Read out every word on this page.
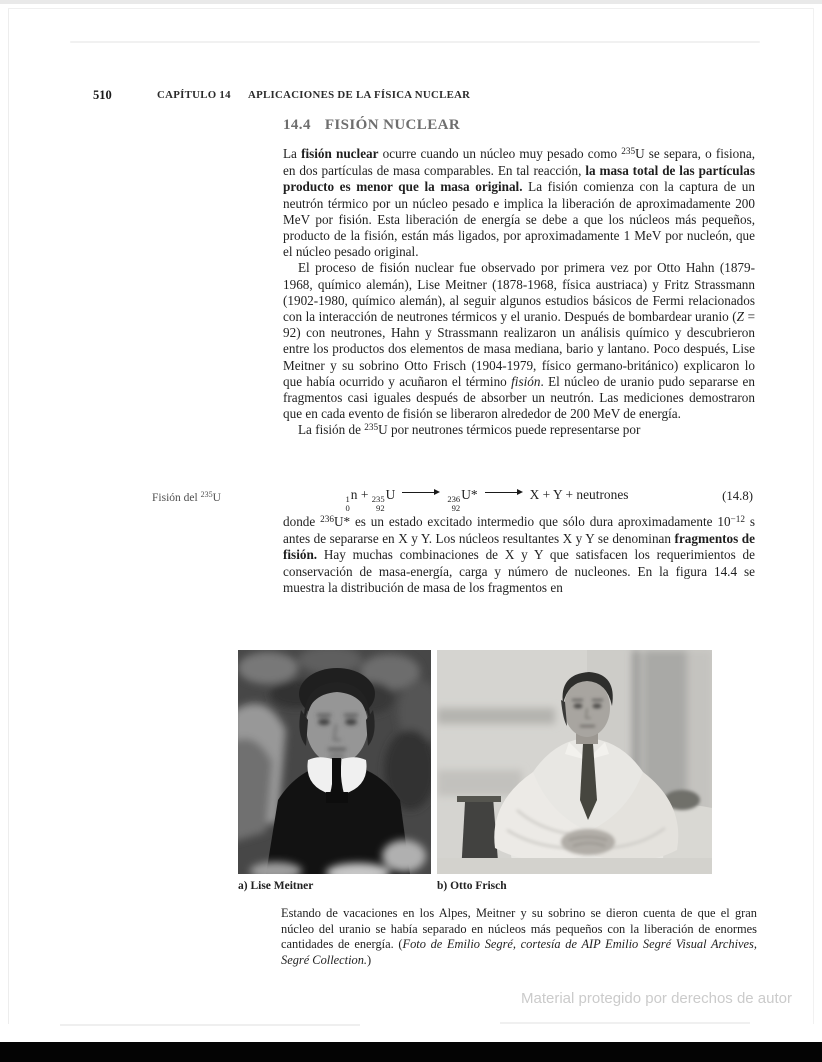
510	CAPÍTULO 14 APLICACIONES DE LA FÍSICA NUCLEAR
14.4 FISIÓN NUCLEAR

La fisión nuclear ocurre cuando un núcleo muy pesado como $^{235}$U se separa, o fisiona, en dos partículas de masa comparables. En tal reacción, la masa total de las partículas producto es menor que la masa original. La fisión comienza con la captura de un neutrón térmico por un núcleo pesado e implica la liberación de aproximadamente 200 MeV por fisión. Esta liberación de energía se debe a que los núcleos más pequeños, producto de la fisión, están más ligados, por aproximadamente 1 MeV por nucleón, que el núcleo pesado original.

El proceso de fisión nuclear fue observado por primera vez por Otto Hahn (1879-1968, químico alemán), Lise Meitner (1878-1968, física austriaca) y Fritz Strassmann (1902-1980, químico alemán), al seguir algunos estudios básicos de Fermi relacionados con la interacción de neutrones térmicos y el uranio. Después de bombardear uranio (Z = 92) con neutrones, Hahn y Strassmann realizaron un análisis químico y descubrieron entre los productos dos elementos de masa mediana, bario y lantano. Poco después, Lise Meitner y su sobrino Otto Frisch (1904-1979, físico germano-británico) explicaron lo que había ocurrido y acuñaron el término fisión. El núcleo de uranio pudo separarse en fragmentos casi iguales después de absorber un neutrón. Las mediciones demostraron que en cada evento de fisión se liberaron alrededor de 200 MeV de energía.

La fisión de $^{235}$U por neutrones térmicos puede representarse por

Fisión del $^{235}$U	1
0
n + 235
92
U	236
92
U*	X + Y + neutrones	(14.8)

donde $^{236}$U* es un estado excitado intermedio que sólo dura aproximadamente $10^{-12}$ s antes de separarse en X y Y. Los núcleos resultantes X y Y se denominan fragmentos de fisión. Hay muchas combinaciones de X y Y que satisfacen los requerimientos de conservación de masa-energía, carga y número de nucleones. En la figura 14.4 se muestra la distribución de masa de los fragmentos en

a) Lise Meitner	b) Otto Frisch
Estando de vacaciones en los Alpes, Meitner y su sobrino se dieron cuenta de que el gran núcleo del uranio se había separado en núcleos más pequeños con la liberación de enormes cantidades de energía. (Foto de Emilio Segré, cortesía de AIP Emilio Segré Visual Archives, Segré Collection.)
Material protegido por derechos de autor
